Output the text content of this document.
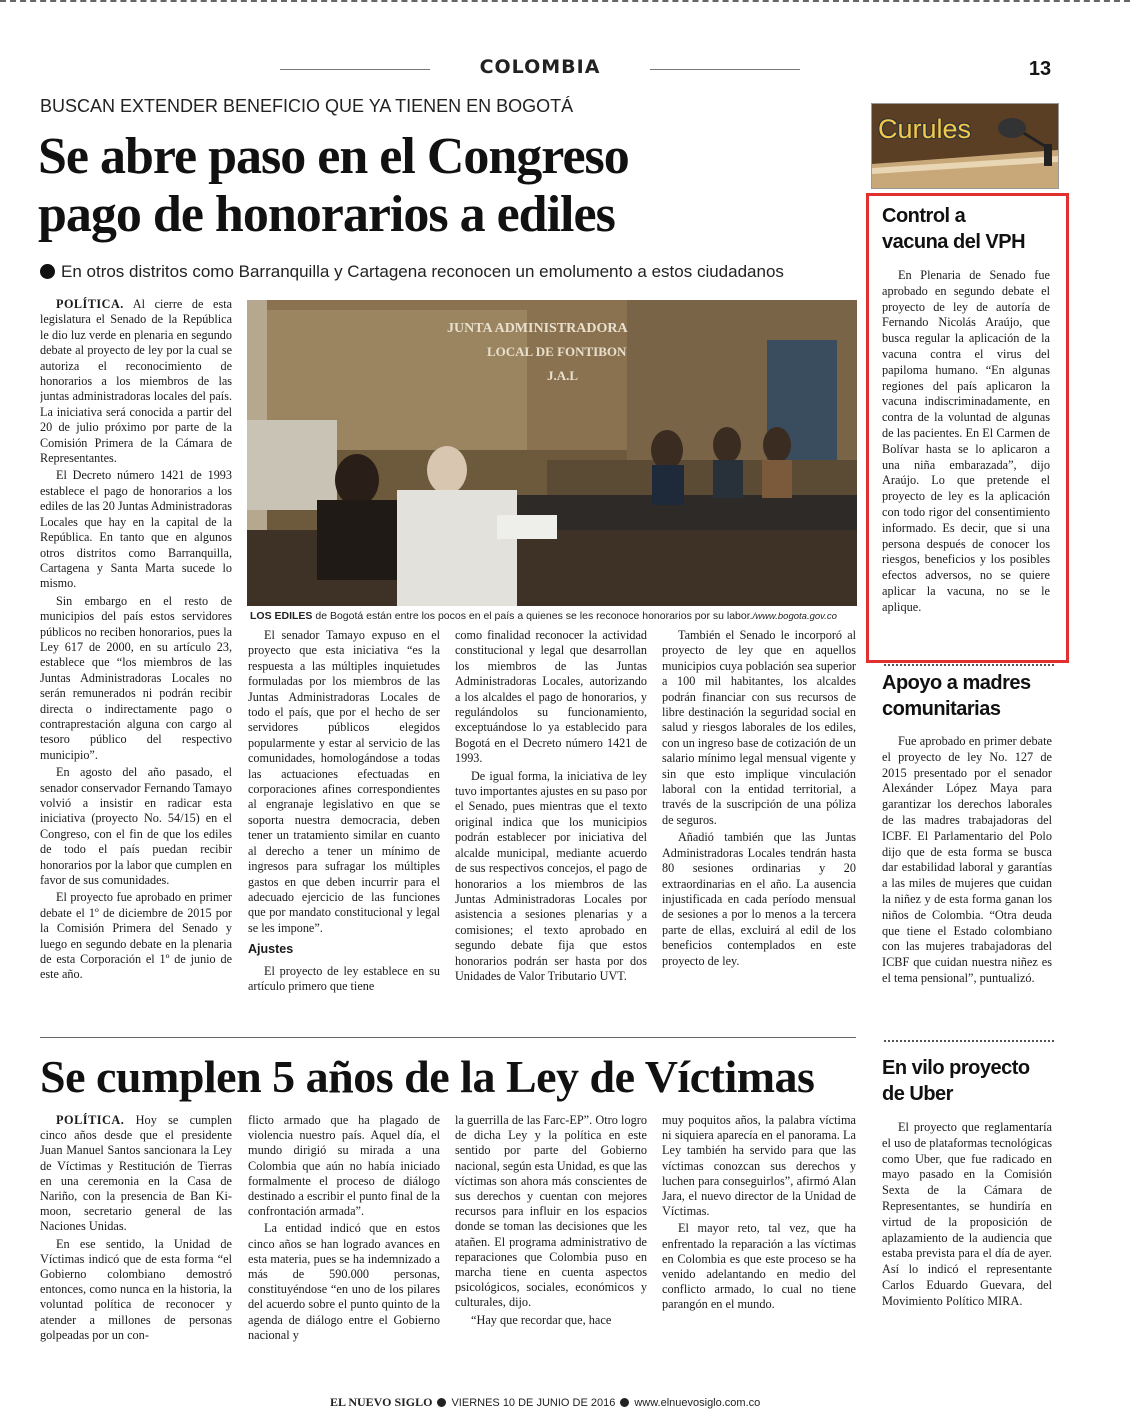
COLOMBIA	13
BUSCAN EXTENDER BENEFICIO QUE YA TIENEN EN BOGOTÁ
Se abre paso en el Congreso
pago de honorarios a ediles
En otros distritos como Barranquilla y Cartagena reconocen un emolumento a estos ciudadanos

POLÍTICA. Al cierre de esta legislatura el Senado de la República le dio luz verde en plenaria en segundo debate al proyecto de ley por la cual se autoriza el reconocimiento de honorarios a los miembros de las juntas administradoras locales del país. La iniciativa será conocida a partir del 20 de julio próximo por parte de la Comisión Primera de la Cámara de Representantes.

El Decreto número 1421 de 1993 establece el pago de honorarios a los ediles de las 20 Juntas Administradoras Locales que hay en la capital de la República. En tanto que en algunos otros distritos como Barranquilla, Cartagena y Santa Marta sucede lo mismo.

Sin embargo en el resto de municipios del país estos servidores públicos no reciben honorarios, pues la Ley 617 de 2000, en su artículo 23, establece que “los miembros de las Juntas Administradoras Locales no serán remunerados ni podrán recibir directa o indirectamente pago o contraprestación alguna con cargo al tesoro público del respectivo municipio”.

En agosto del año pasado, el senador conservador Fernando Tamayo volvió a insistir en radicar esta iniciativa (proyecto No. 54/15) en el Congreso, con el fin de que los ediles de todo el país puedan recibir honorarios por la labor que cumplen en favor de sus comunidades.

El proyecto fue aprobado en primer debate el 1º de diciembre de 2015 por la Comisión Primera del Senado y luego en segundo debate en la plenaria de esta Corporación el 1º de junio de este año.

JUNTA ADMINISTRADORA
LOCAL DE FONTIBON
J.A.L
LOS EDILES de Bogotá están entre los pocos en el país a quienes se les reconoce honorarios por su labor./www.bogota.gov.co

El senador Tamayo expuso en el proyecto que esta iniciativa “es la respuesta a las múltiples inquietudes formuladas por los miembros de las Juntas Administradoras Locales de todo el país, que por el hecho de ser servidores públicos elegidos popularmente y estar al servicio de las comunidades, homologándose a todas las actuaciones efectuadas en corporaciones afines correspondientes al engranaje legislativo en que se soporta nuestra democracia, deben tener un tratamiento similar en cuanto al derecho a tener un mínimo de ingresos para sufragar los múltiples gastos en que deben incurrir para el adecuado ejercicio de las funciones que por mandato constitucional y legal se les impone”.

Ajustes

El proyecto de ley establece en su artículo primero que tiene

como finalidad reconocer la actividad constitucional y legal que desarrollan los miembros de las Juntas Administradoras Locales, autorizando a los alcaldes el pago de honorarios, y regulándolos su funcionamiento, exceptuándose lo ya establecido para Bogotá en el Decreto número 1421 de 1993.

De igual forma, la iniciativa de ley tuvo importantes ajustes en su paso por el Senado, pues mientras que el texto original indica que los municipios podrán establecer por iniciativa del alcalde municipal, mediante acuerdo de sus respectivos concejos, el pago de honorarios a los miembros de las Juntas Administradoras Locales por asistencia a sesiones plenarias y a comisiones; el texto aprobado en segundo debate fija que estos honorarios podrán ser hasta por dos Unidades de Valor Tributario UVT.

También el Senado le incorporó al proyecto de ley que en aquellos municipios cuya población sea superior a 100 mil habitantes, los alcaldes podrán financiar con sus recursos de libre destinación la seguridad social en salud y riesgos laborales de los ediles, con un ingreso base de cotización de un salario mínimo legal mensual vigente y sin que esto implique vinculación laboral con la entidad territorial, a través de la suscripción de una póliza de seguros.

Añadió también que las Juntas Administradoras Locales tendrán hasta 80 sesiones ordinarias y 20 extraordinarias en el año. La ausencia injustificada en cada período mensual de sesiones a por lo menos a la tercera parte de ellas, excluirá al edil de los beneficios contemplados en este proyecto de ley.

Se cumplen 5 años de la Ley de Víctimas

POLÍTICA. Hoy se cumplen cinco años desde que el presidente Juan Manuel Santos sancionara la Ley de Víctimas y Restitución de Tierras en una ceremonia en la Casa de Nariño, con la presencia de Ban Ki-moon, secretario general de las Naciones Unidas.

En ese sentido, la Unidad de Víctimas indicó que de esta forma “el Gobierno colombiano demostró entonces, como nunca en la historia, la voluntad política de reconocer y atender a millones de personas golpeadas por un con-

flicto armado que ha plagado de violencia nuestro país. Aquel día, el mundo dirigió su mirada a una Colombia que aún no había iniciado formalmente el proceso de diálogo destinado a escribir el punto final de la confrontación armada”.

La entidad indicó que en estos cinco años se han logrado avances en esta materia, pues se ha indemnizado a más de 590.000 personas, constituyéndose “en uno de los pilares del acuerdo sobre el punto quinto de la agenda de diálogo entre el Gobierno nacional y

la guerrilla de las Farc-EP”. Otro logro de dicha Ley y la política en este sentido por parte del Gobierno nacional, según esta Unidad, es que las víctimas son ahora más conscientes de sus derechos y cuentan con mejores recursos para influir en los espacios donde se toman las decisiones que les atañen. El programa administrativo de reparaciones que Colombia puso en marcha tiene en cuenta aspectos psicológicos, sociales, económicos y culturales, dijo.

“Hay que recordar que, hace

muy poquitos años, la palabra víctima ni siquiera aparecía en el panorama. La Ley también ha servido para que las víctimas conozcan sus derechos y luchen para conseguirlos”, afirmó Alan Jara, el nuevo director de la Unidad de Víctimas.

El mayor reto, tal vez, que ha enfrentado la reparación a las víctimas en Colombia es que este proceso se ha venido adelantando en medio del conflicto armado, lo cual no tiene parangón en el mundo.

EL NUEVO SIGLO VIERNES 10 DE JUNIO DE 2016 www.elnuevosiglo.com.co
Curules
Control a
vacuna del VPH

En Plenaria de Senado fue aprobado en segundo debate el proyecto de ley de autoría de Fernando Nicolás Araújo, que busca regular la aplicación de la vacuna contra el virus del papiloma humano. “En algunas regiones del país aplicaron la vacuna indiscriminadamente, en contra de la voluntad de algunas de las pacientes. En El Carmen de Bolívar hasta se lo aplicaron a una niña embarazada”, dijo Araújo. Lo que pretende el proyecto de ley es la aplicación con todo rigor del consentimiento informado. Es decir, que si una persona después de conocer los riesgos, beneficios y los posibles efectos adversos, no se quiere aplicar la vacuna, no se le aplique.

Apoyo a madres
comunitarias

Fue aprobado en primer debate el proyecto de ley No. 127 de 2015 presentado por el senador Alexánder López Maya para garantizar los derechos laborales de las madres trabajadoras del ICBF. El Parlamentario del Polo dijo que de esta forma se busca dar estabilidad laboral y garantías a las miles de mujeres que cuidan la niñez y de esta forma ganan los niños de Colombia. “Otra deuda que tiene el Estado colombiano con las mujeres trabajadoras del ICBF que cuidan nuestra niñez es el tema pensional”, puntualizó.

En vilo proyecto
de Uber

El proyecto que reglamentaría el uso de plataformas tecnológicas como Uber, que fue radicado en mayo pasado en la Comisión Sexta de la Cámara de Representantes, se hundiría en virtud de la proposición de aplazamiento de la audiencia que estaba prevista para el día de ayer. Así lo indicó el representante Carlos Eduardo Guevara, del Movimiento Político MIRA.
